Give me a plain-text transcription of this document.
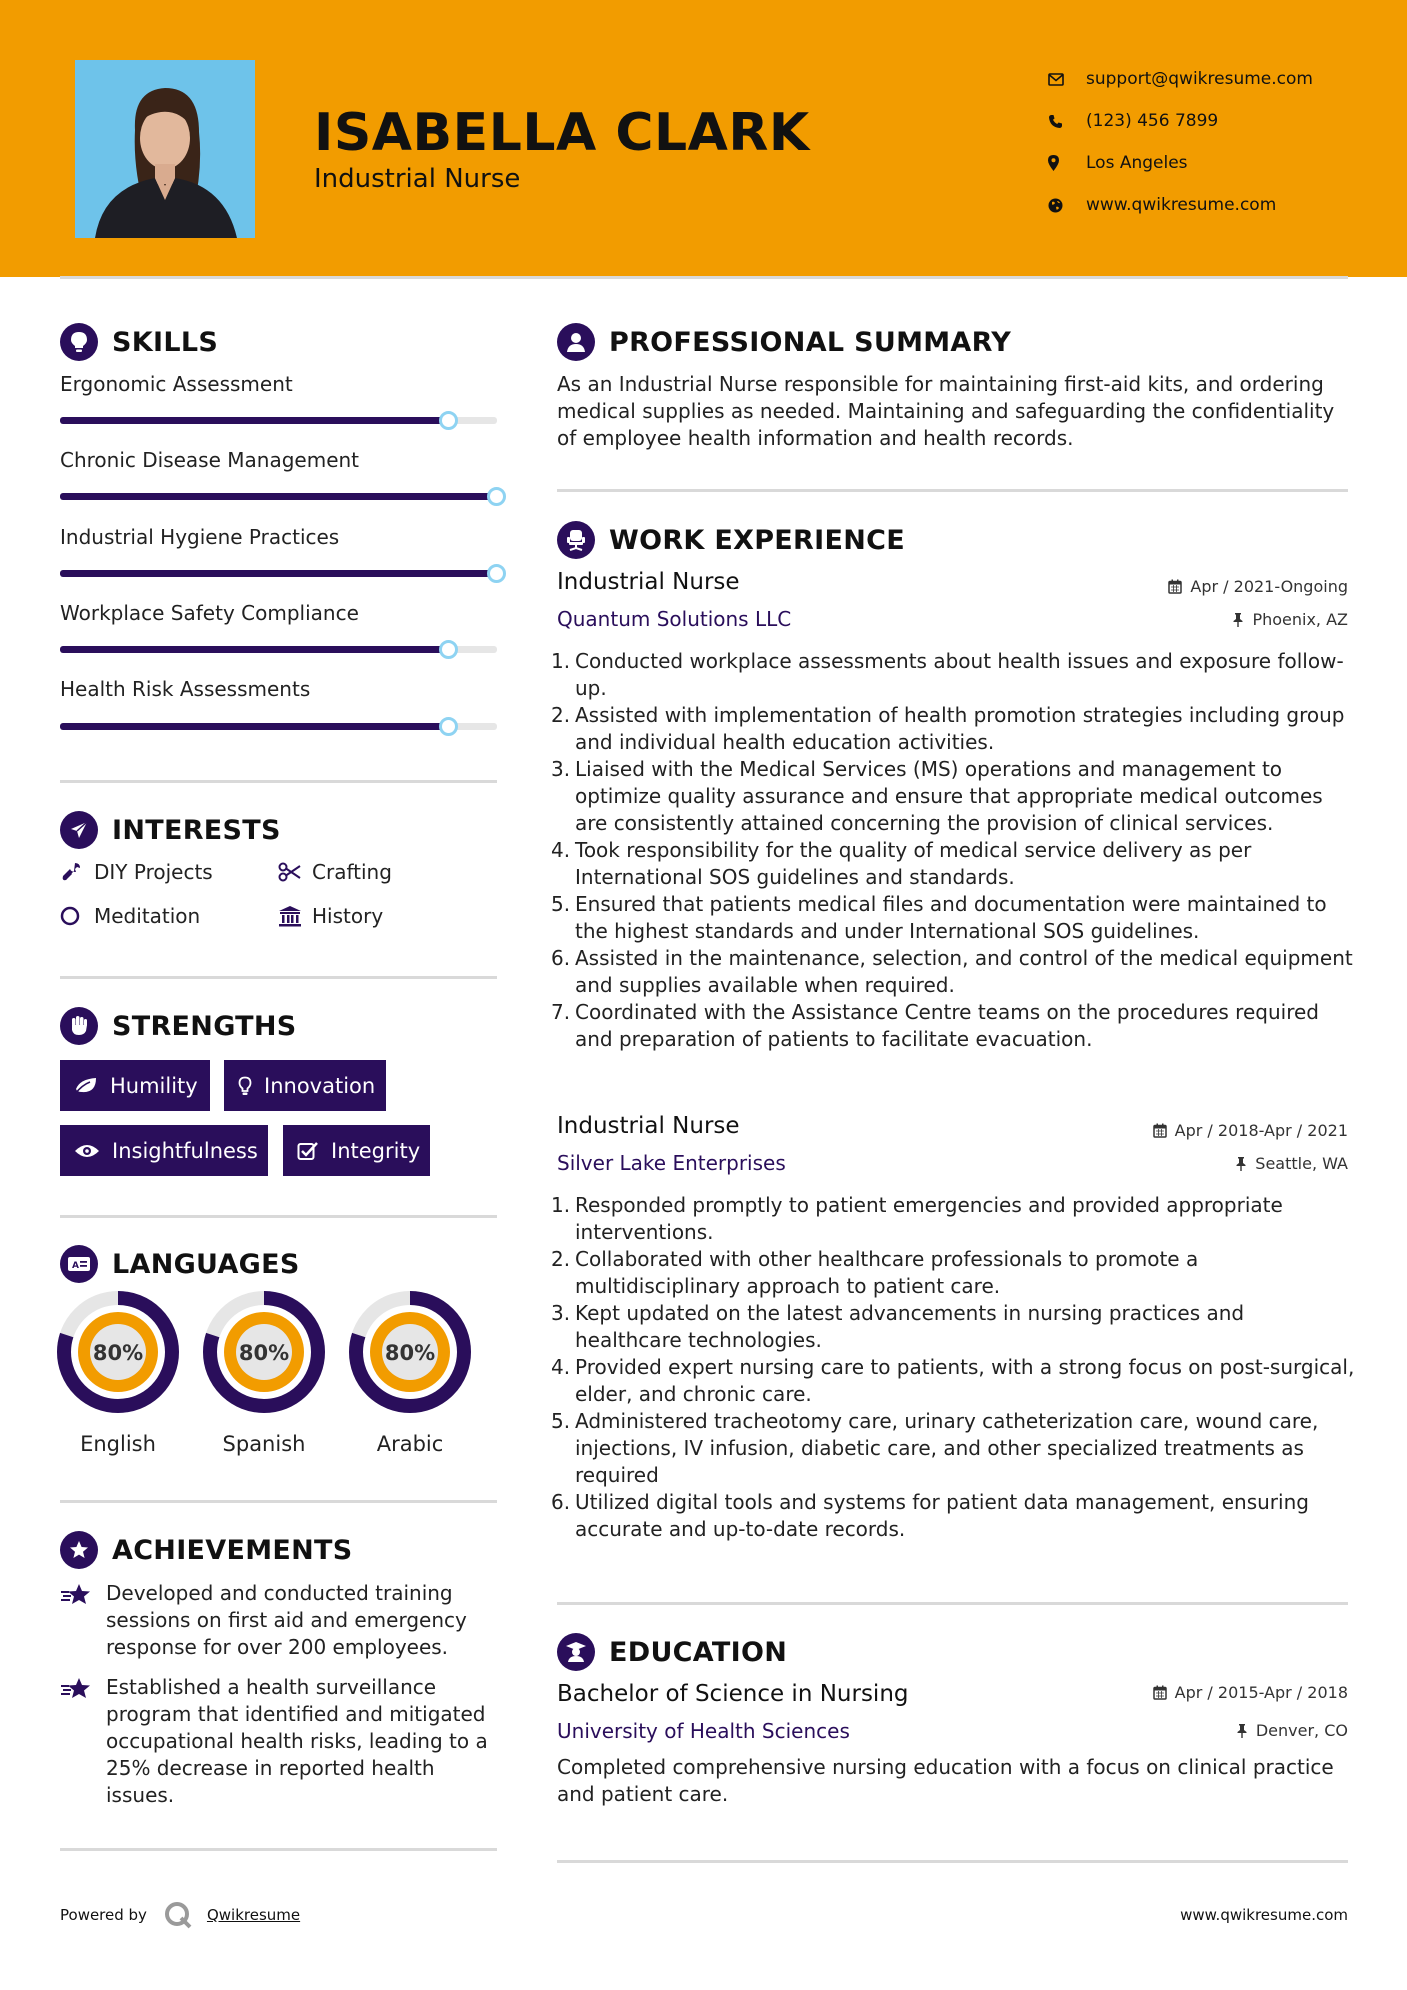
ISABELLA CLARK
Industrial Nurse
support@qwikresume.com
(123) 456 7899
Los Angeles
www.qwikresume.com
SKILLS
Ergonomic Assessment
Chronic Disease Management
Industrial Hygiene Practices
Workplace Safety Compliance
Health Risk Assessments
INTERESTS
DIY Projects	Crafting
Meditation	History
STRENGTHS
Humility	Innovation
Insightfulness	Integrity
A LANGUAGES
80%
English
80%
Spanish
80%
Arabic
ACHIEVEMENTS
Developed and conducted training sessions on first aid and emergency response for over 200 employees.
Established a health surveillance program that identified and mitigated occupational health risks, leading to a 25% decrease in reported health issues.
PROFESSIONAL SUMMARY
As an Industrial Nurse responsible for maintaining first-aid kits, and ordering medical supplies as needed. Maintaining and safeguarding the confidentiality of employee health information and health records.
WORK EXPERIENCE
Industrial Nurse	Apr / 2021-Ongoing
Quantum Solutions LLC	Phoenix, AZ
1. Conducted workplace assessments about health issues and exposure follow-up.
2. Assisted with implementation of health promotion strategies including group and individual health education activities.
3. Liaised with the Medical Services (MS) operations and management to optimize quality assurance and ensure that appropriate medical outcomes are consistently attained concerning the provision of clinical services.
4. Took responsibility for the quality of medical service delivery as per International SOS guidelines and standards.
5. Ensured that patients medical files and documentation were maintained to the highest standards and under International SOS guidelines.
6. Assisted in the maintenance, selection, and control of the medical equipment and supplies available when required.
7. Coordinated with the Assistance Centre teams on the procedures required and preparation of patients to facilitate evacuation.
Industrial Nurse	Apr / 2018-Apr / 2021
Silver Lake Enterprises	Seattle, WA
1. Responded promptly to patient emergencies and provided appropriate interventions.
2. Collaborated with other healthcare professionals to promote a multidisciplinary approach to patient care.
3. Kept updated on the latest advancements in nursing practices and healthcare technologies.
4. Provided expert nursing care to patients, with a strong focus on post-surgical, elder, and chronic care.
5. Administered tracheotomy care, urinary catheterization care, wound care, injections, IV infusion, diabetic care, and other specialized treatments as required
6. Utilized digital tools and systems for patient data management, ensuring accurate and up-to-date records.
EDUCATION
Bachelor of Science in Nursing	Apr / 2015-Apr / 2018
University of Health Sciences	Denver, CO
Completed comprehensive nursing education with a focus on clinical practice and patient care.
Powered by	Qwikresume	www.qwikresume.com
